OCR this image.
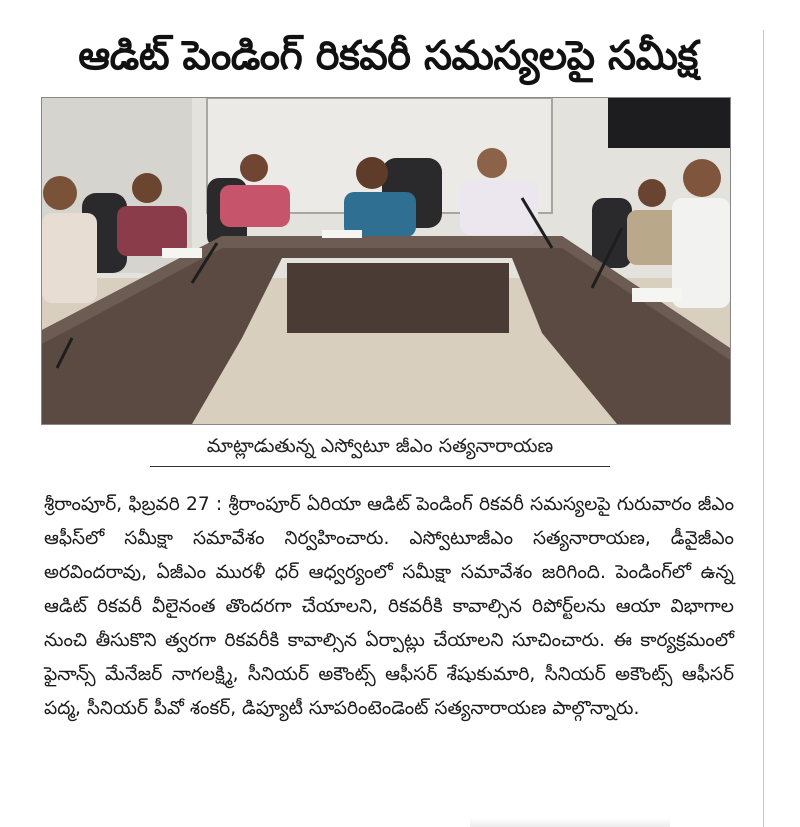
ఆడిట్ పెండింగ్ రికవరీ సమస్యలపై సమీక్ష
మాట్లాడుతున్న ఎస్వోటూ జీఎం సత్యనారాయణ

శ్రీరాంపూర్, ఫిబ్రవరి 27 : శ్రీరాంపూర్ ఏరియా ఆడిట్ పెండింగ్ రికవరీ సమస్యలపై గురువారం జీఎం ఆఫీస్‌లో సమీక్షా సమావేశం నిర్వహించారు. ఎస్వోటూజీఎం సత్యనారాయణ, డీవైజీఎం అరవిందరావు, ఏజీఎం మురళీ ధర్ ఆధ్వర్యంలో సమీక్షా సమావేశం జరిగింది. పెండింగ్‌లో ఉన్న ఆడిట్ రికవరీ వీలైనంత తొందరగా చేయాలని, రికవరీకి కావాల్సిన రిపోర్ట్‌లను ఆయా విభాగాల నుంచి తీసుకొని త్వరగా రికవరీకి కావాల్సిన ఏర్పాట్లు చేయాలని సూచించారు. ఈ కార్యక్రమంలో ఫైనాన్స్ మేనేజర్ నాగలక్ష్మి, సీనియర్ అకౌంట్స్ ఆఫీసర్ శేషుకుమారి, సీనియర్ అకౌంట్స్ ఆఫీసర్ పద్మ, సీనియర్ పీవో శంకర్, డిప్యూటీ సూపరింటెండెంట్ సత్యనారాయణ పాల్గొన్నారు.
